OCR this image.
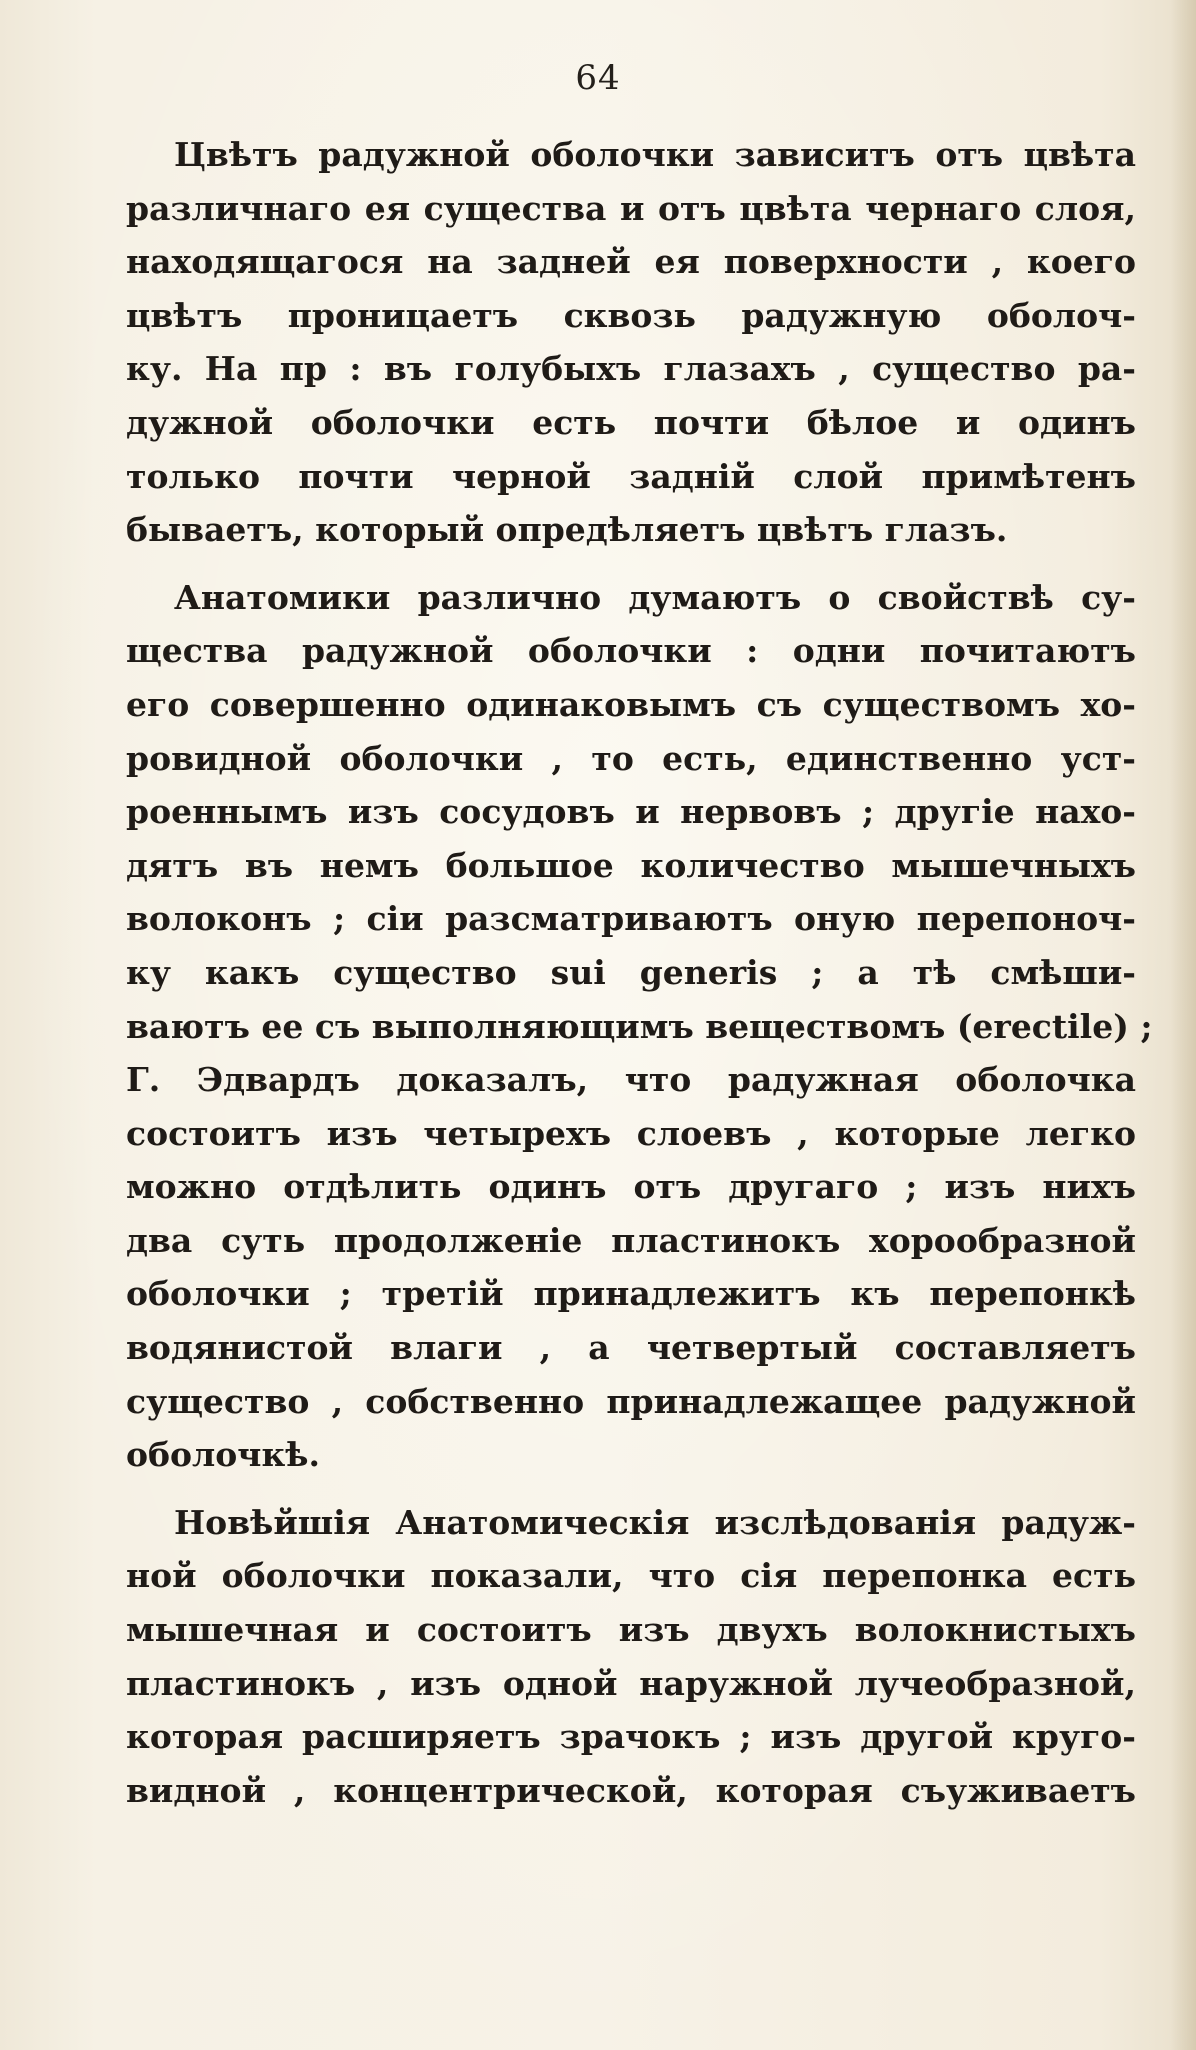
64

Цвѣтъ радужной оболочки зависитъ отъ цвѣта
различнаго ея существа и отъ цвѣта чернаго слоя,
находящагося на задней ея поверхности , коего
цвѣтъ проницаетъ сквозь радужную оболоч-
ку. На пр : въ голубыхъ глазахъ , существо ра-
дужной оболочки есть почти бѣлое и одинъ
только почти черной задній слой примѣтенъ
бываетъ, который опредѣляетъ цвѣтъ глазъ.

Анатомики различно думаютъ о свойствѣ су-
щества радужной оболочки : одни почитаютъ
его совершенно одинаковымъ съ существомъ хо-
ровидной оболочки , то есть, единственно уст-
роеннымъ изъ сосудовъ и нервовъ ; другіе нахо-
дятъ въ немъ большое количество мышечныхъ
волоконъ ; сіи разсматриваютъ оную перепоноч-
ку какъ существо sui generis ; а тѣ смѣши-
ваютъ ее съ выполняющимъ веществомъ (erectile) ;
Г. Эдвардъ доказалъ, что радужная оболочка
состоитъ изъ четырехъ слоевъ , которые легко
можно отдѣлить одинъ отъ другаго ; изъ нихъ
два суть продолженіе пластинокъ хорообразной
оболочки ; третій принадлежитъ къ перепонкѣ
водянистой влаги , а четвертый составляетъ
существо , собственно принадлежащее радужной
оболочкѣ.

Новѣйшія Анатомическія изслѣдованія радуж-
ной оболочки показали, что сія перепонка есть
мышечная и состоитъ изъ двухъ волокнистыхъ
пластинокъ , изъ одной наружной лучеобразной,
которая расширяетъ зрачокъ ; изъ другой круго-
видной , концентрической, которая съуживаетъ
